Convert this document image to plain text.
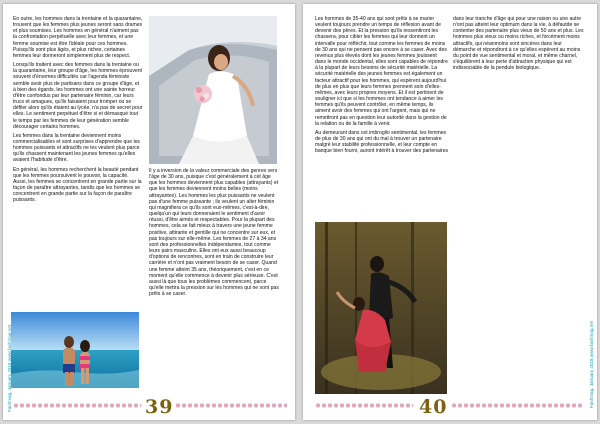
En outre, les hommes dans la trentaine et la quarantaine, trouvent que les femmes plus jeunes seront sans drames et plus soumises. Les hommes en général n'aiment pas la confrontation perpétuelle avec leur femmes, et une femme soumise est être l'idéale pour ces hommes. Puisqu'ils sont plus âgés, et plus riches, certaines femmes leur donneront simplement plus de respect.

Lorsqu'ils traitent avec des femmes dans la trentaine ou la quarantaine, leur groupe d'âge, les hommes éprouvent souvent d'énormes difficultés car l'agenda féministe semble avoir plus de partisans dans ce groupe d'âge, et à bien des égards. les hommes ont une sainte horreur d'être confondus par leur partenaire féminin, car leurs trucs et amagues, qu'ils faisaient pour tromper ou se défiler alors qu'ils étaient au lycée, n'a pas de secret pour elles. Le sentiment perpétuel d'être si et démasqué tout le temps par les femmes de leur génération semble décourager certains hommes.

Les femmes dans la trentaine deviennent moins commercialisables et sont surprises d'apprendre que les hommes puissants et attractifs ne les veulent plus parce qu'ils chassent maintenant les jeunes femmes qu'elles avaient l'habitude d'être.

En général, les hommes recherchent la beauté pendant que les femmes poursuivent le pouvoir, la capacité. Aussi, les femmes se concentrent en grande partie sur la façon de paraître attrayantes, tandis que les hommes se concentrent en grande partie sur la façon de paraître puissants.

Il y a inversion de la valeur commerciale des genres vers l'âge de 30 ans, puisque c'est généralement à cet âge que les hommes deviennent plus capables (attrayants) et que les femmes deviennent moins belles (moins attrayantes). Les hommes les plus puissants ne veulent pas d'une femme puissante ; ils veulent un alter féminin qui magnifiera ce qu'ils sont eux-mêmes, c'est-à-dire, quelqu'un qui leurs donneraient le sentiment d'avoir réussi, d'être aimés et respectables. Pour la plupart des hommes, cela se fait mieux à travers une jeune femme positive, attirante et gentille qui ne concentre sur eux, et pas toujours sur elle-même. Les femmes de 27 à 34 ans sont des professionnelles indépendantes, tout comme leurs pairs masculins. Elles ont eux aussi beaucoup d'options de rencontres, sont en train de construire leur carrière et n'ont pas vraiment besoin de se caser. Quand une femme atteint 35 ans, théoriquement, c'est en ce moment qu'elle commence à devenir plus sérieuse. C'est aussi là que tous les problèmes commencent, parce qu'elle mettra la pression sur les hommes qui ne sont pas prêts à se caser.

39
Fashmag, January 2018 www.fashmag.net

Les hommes de 35-40 ans qui sont prêts à se marier veulent toujours prendre un temps de réflexion avant de devenir des pères. Et la pression qu'ils ressentiront les chassera, pour cibler les femmes qui leur donnent un intervalle pour réfléchir, tout comme les femmes de moins de 30 ans qui ne pensent pas encore à se caser. Avec des revenus plus élevés dont les jeunes femmes jouissent dans le monde occidental, elles sont capables de répondre à la plupart de leurs besoins de sécurité matérielle. La sécurité matérielle des jeunes femmes est également un facteur attractif pour les hommes, qui espèrent aujourd'hui de plus en plus que leurs femmes prennent soin d'elles-mêmes, avec leurs propres moyens. Et il est pertinent de souligner ici que si les hommes ont tendance à aimer les femmes qu'ils peuvent contrôler, en même temps, ils aiment avoir des femmes qui ont l'argent, mais qui ne remettront pas en question leur autorité dans la gestion de la relation ou de la famille à venir.

Au demeurant dans cet imbroglio sentimental, les femmes de plus de 30 ans qui ont du mal à trouver un partenaire malgré leur stabilité professionnelle, et leur compte en banque bien fourni, auront intérêt à trouver des partenaires

dans leur tranche d'âge qui pour une raison ou une autre n'ont pas atteint leur optimum dans la vie, à défautde se contenter des partenaire plus vieux de 50 ans et plus. Les hommes plus vieux ou moins riches, et forcément moins attractifs, qui néanmoins sont sincères dans leur démarche et répondront à ce qu'elles espèrent au moins du point de vue sentimental et moral, et même charnel, s'équilibrent à leur perte d'attraction physique qui est indissociable de la pendule biologique.

40	Fashmag, January 2018 www.fashmag.net
